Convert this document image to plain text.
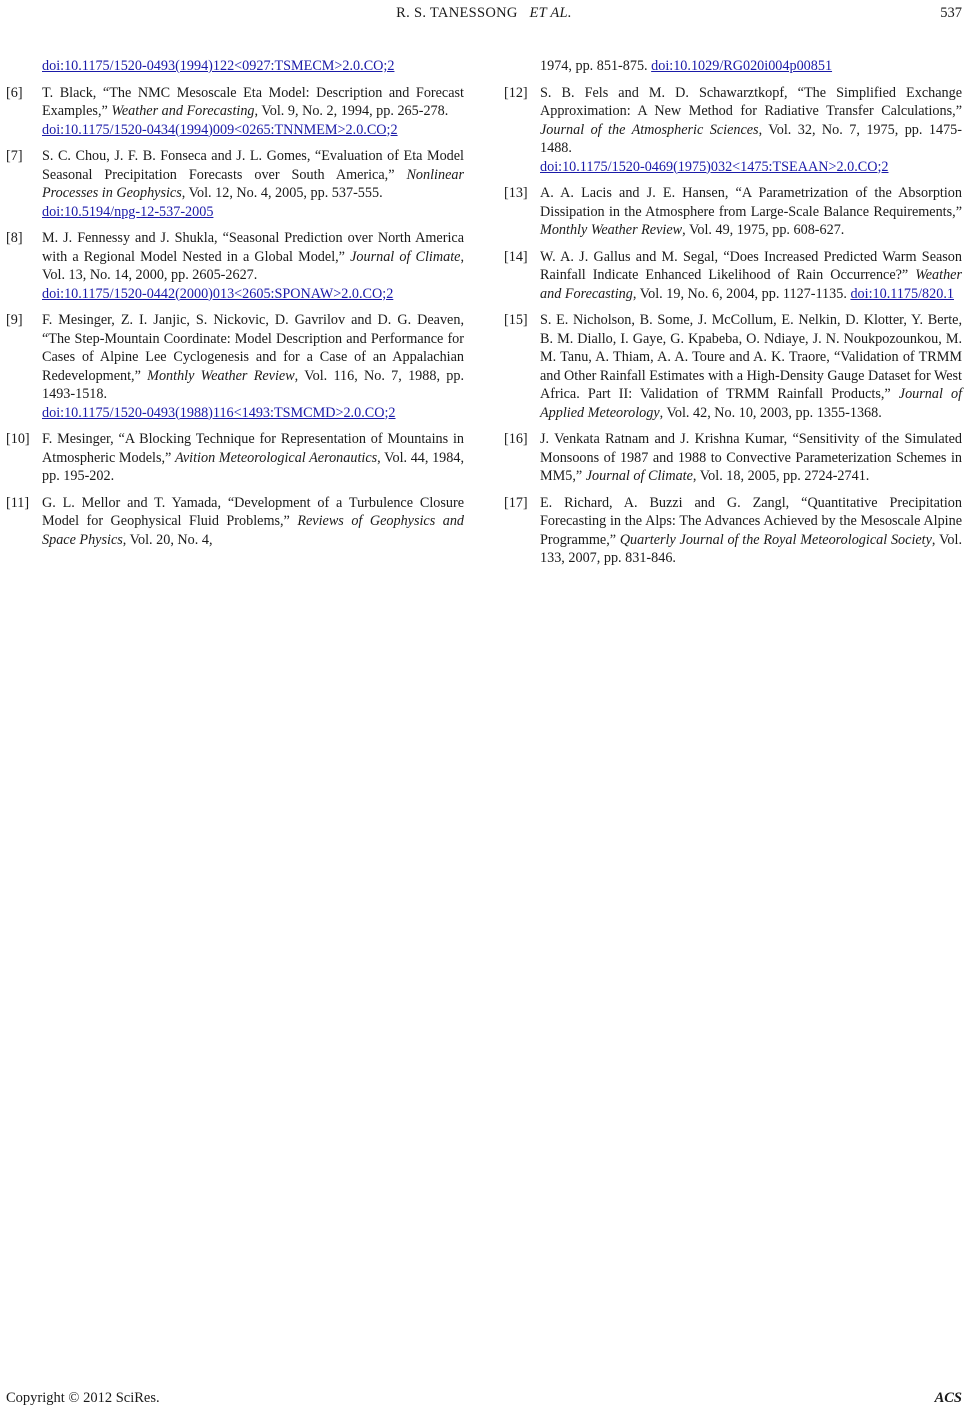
R. S. TANESSONG ET AL.	537
doi:10.1175/1520-0493(1994)122<0927:TSMECM>2.0.CO;2
[6] T. Black, “The NMC Mesoscale Eta Model: Description and Forecast Examples,” Weather and Forecasting, Vol. 9, No. 2, 1994, pp. 265-278.
doi:10.1175/1520-0434(1994)009<0265:TNNMEM>2.0.CO;2
[7] S. C. Chou, J. F. B. Fonseca and J. L. Gomes, “Evaluation of Eta Model Seasonal Precipitation Forecasts over South America,” Nonlinear Processes in Geophysics, Vol. 12, No. 4, 2005, pp. 537-555.
doi:10.5194/npg-12-537-2005
[8] M. J. Fennessy and J. Shukla, “Seasonal Prediction over North America with a Regional Model Nested in a Global Model,” Journal of Climate, Vol. 13, No. 14, 2000, pp. 2605-2627.
doi:10.1175/1520-0442(2000)013<2605:SPONAW>2.0.CO;2
[9] F. Mesinger, Z. I. Janjic, S. Nickovic, D. Gavrilov and D. G. Deaven, “The Step-Mountain Coordinate: Model Description and Performance for Cases of Alpine Lee Cyclogenesis and for a Case of an Appalachian Redevelopment,” Monthly Weather Review, Vol. 116, No. 7, 1988, pp. 1493-1518.
doi:10.1175/1520-0493(1988)116<1493:TSMCMD>2.0.CO;2
[10] F. Mesinger, “A Blocking Technique for Representation of Mountains in Atmospheric Models,” Avition Meteorological Aeronautics, Vol. 44, 1984, pp. 195-202.
[11] G. L. Mellor and T. Yamada, “Development of a Turbulence Closure Model for Geophysical Fluid Problems,” Reviews of Geophysics and Space Physics, Vol. 20, No. 4,
1974, pp. 851-875. doi:10.1029/RG020i004p00851
[12] S. B. Fels and M. D. Schawarztkopf, “The Simplified Exchange Approximation: A New Method for Radiative Transfer Calculations,” Journal of the Atmospheric Sciences, Vol. 32, No. 7, 1975, pp. 1475-1488.
doi:10.1175/1520-0469(1975)032<1475:TSEAAN>2.0.CO;2
[13] A. A. Lacis and J. E. Hansen, “A Parametrization of the Absorption Dissipation in the Atmosphere from Large-Scale Balance Requirements,” Monthly Weather Review, Vol. 49, 1975, pp. 608-627.
[14] W. A. J. Gallus and M. Segal, “Does Increased Predicted Warm Season Rainfall Indicate Enhanced Likelihood of Rain Occurrence?” Weather and Forecasting, Vol. 19, No. 6, 2004, pp. 1127-1135. doi:10.1175/820.1
[15] S. E. Nicholson, B. Some, J. McCollum, E. Nelkin, D. Klotter, Y. Berte, B. M. Diallo, I. Gaye, G. Kpabeba, O. Ndiaye, J. N. Noukpozounkou, M. M. Tanu, A. Thiam, A. A. Toure and A. K. Traore, “Validation of TRMM and Other Rainfall Estimates with a High-Density Gauge Dataset for West Africa. Part II: Validation of TRMM Rainfall Products,” Journal of Applied Meteorology, Vol. 42, No. 10, 2003, pp. 1355-1368.
[16] J. Venkata Ratnam and J. Krishna Kumar, “Sensitivity of the Simulated Monsoons of 1987 and 1988 to Convective Parameterization Schemes in MM5,” Journal of Climate, Vol. 18, 2005, pp. 2724-2741.
[17] E. Richard, A. Buzzi and G. Zangl, “Quantitative Precipitation Forecasting in the Alps: The Advances Achieved by the Mesoscale Alpine Programme,” Quarterly Journal of the Royal Meteorological Society, Vol. 133, 2007, pp. 831-846.
Copyright © 2012 SciRes.	ACS
